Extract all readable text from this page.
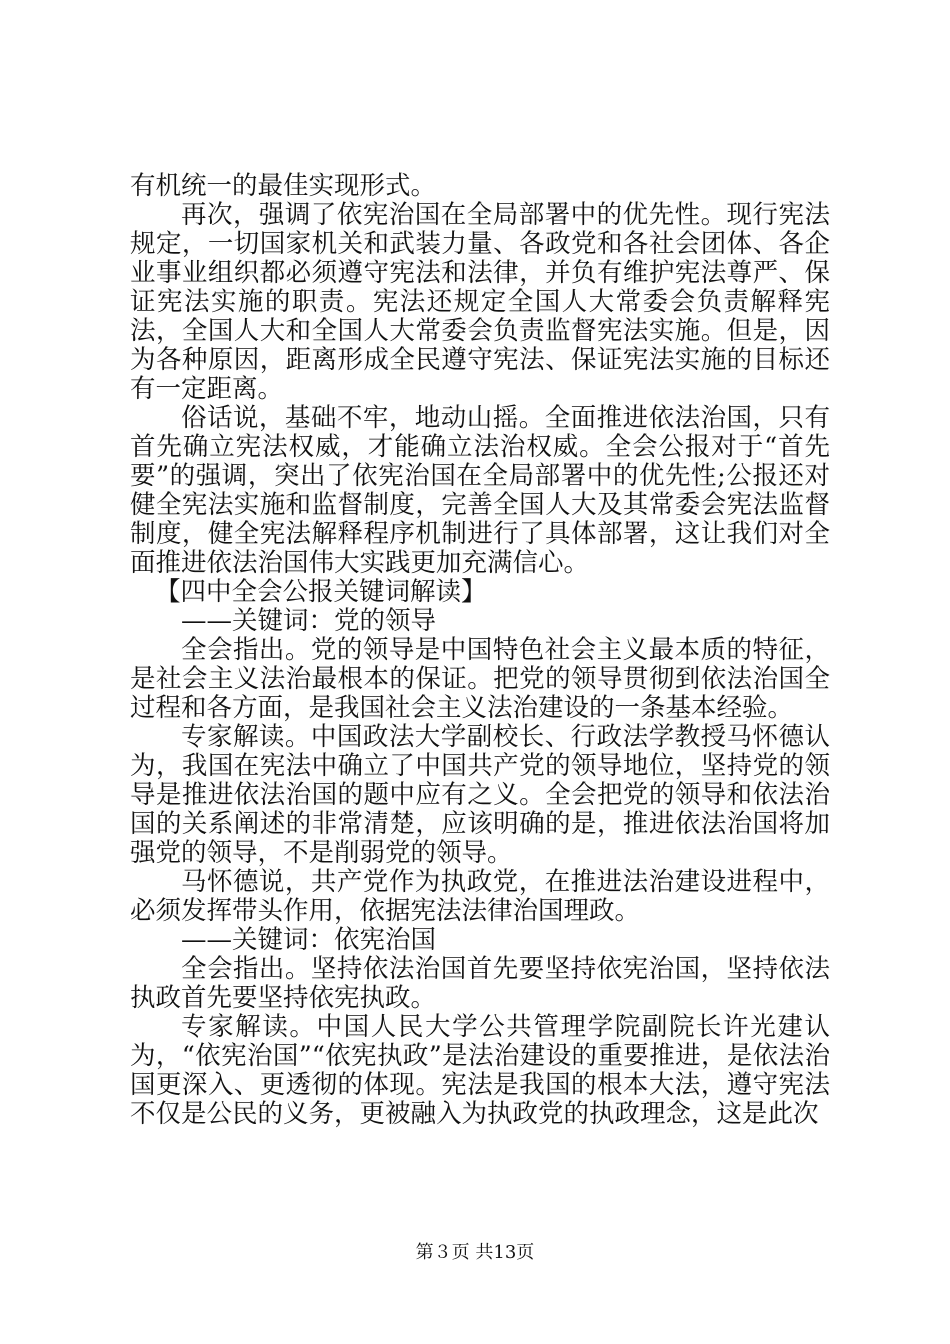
有机统一的最佳实现形式。

再次，强调了依宪治国在全局部署中的优先性。现行宪法规定，一切国家机关和武装力量、各政党和各社会团体、各企业事业组织都必须遵守宪法和法律，并负有维护宪法尊严、保证宪法实施的职责。宪法还规定全国人大常委会负责解释宪法，全国人大和全国人大常委会负责监督宪法实施。但是，因为各种原因，距离形成全民遵守宪法、保证宪法实施的目标还有一定距离。

俗话说，基础不牢，地动山摇。全面推进依法治国，只有首先确立宪法权威，才能确立法治权威。全会公报对于“首先要”的强调，突出了依宪治国在全局部署中的优先性;公报还对健全宪法实施和监督制度，完善全国人大及其常委会宪法监督制度，健全宪法解释程序机制进行了具体部署，这让我们对全面推进依法治国伟大实践更加充满信心。

【四中全会公报关键词解读】

——关键词：党的领导

全会指出。党的领导是中国特色社会主义最本质的特征，是社会主义法治最根本的保证。把党的领导贯彻到依法治国全过程和各方面，是我国社会主义法治建设的一条基本经验。

专家解读。中国政法大学副校长、行政法学教授马怀德认为，我国在宪法中确立了中国共产党的领导地位，坚持党的领导是推进依法治国的题中应有之义。全会把党的领导和依法治国的关系阐述的非常清楚，应该明确的是，推进依法治国将加强党的领导，不是削弱党的领导。

马怀德说，共产党作为执政党，在推进法治建设进程中，必须发挥带头作用，依据宪法法律治国理政。

——关键词：依宪治国

全会指出。坚持依法治国首先要坚持依宪治国，坚持依法执政首先要坚持依宪执政。

专家解读。中国人民大学公共管理学院副院长许光建认为，“依宪治国”“依宪执政”是法治建设的重要推进，是依法治国更深入、更透彻的体现。宪法是我国的根本大法，遵守宪法不仅是公民的义务，更被融入为执政党的执政理念，这是此次

第３页 共13页
